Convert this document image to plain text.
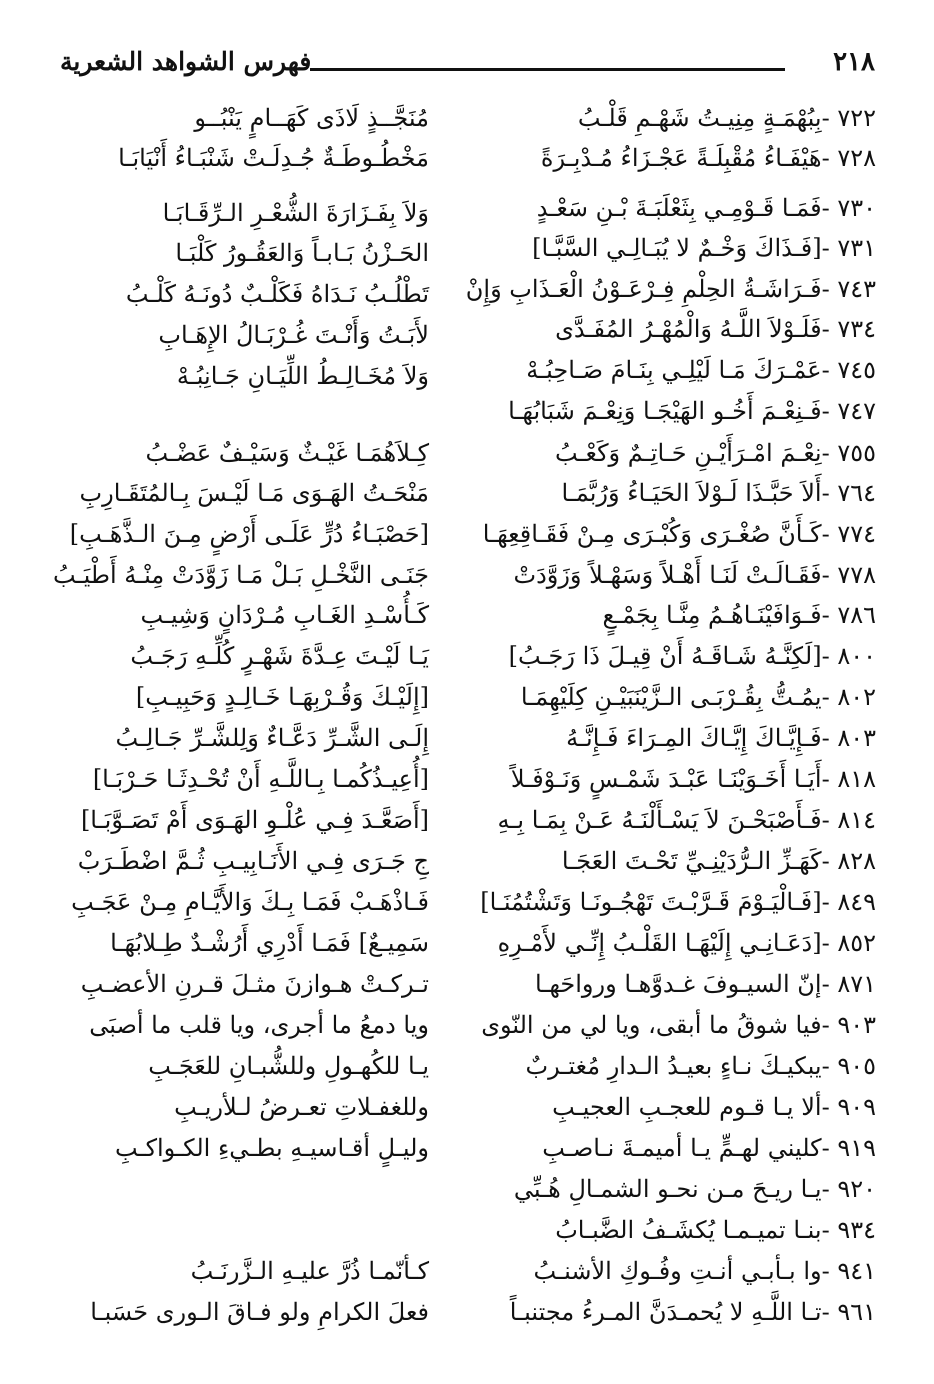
٢١٨
فهرس الشواهد الشعرية
٧٢٢ -بِبُهْمَـةٍ مِنِيـتُ شَهْـمِ قَلْـبُ
٧٢٨ -هَيْفَـاءُ مُقْبِلَـةً عَجْـزَاءُ مُـدْبِـرَةً
٧٣٠ -فَمَـا قَـوْمِـي بِثَعْلَبَـةَ بْـنِ سَعْـدٍ
٧٣١ -[فَـذَاكَ وَخْـمٌ لا يُبَـالِـي السَّبَّـا]
٧٤٣ -فَـرَاشَـةُ الحِلْمِ فِـرْعَـوْنُ الْعَـذَابِ وَإِنْ
٧٣٤ -فَلَـوْلاَ اللَّـهُ وَالْمُهْـرُ المُفَـدَّى
٧٤٥ -عَمْـرَكَ مَـا لَيْلِـي بِنَـامَ صَـاحِبُـهْ
٧٤٧ -فَـنِعْـمَ أَخُـو الهَيْجَـا وَنِعْـمَ شَبَابُهَـا
٧٥٥ -نِعْـمَ امْـرَأَيْـنِ حَـاتِـمٌ وَكَعْـبُ
٧٦٤ -أَلاَ حَبَّـذَا لَـوْلاَ الحَيَـاءُ وَرُبَّمَـا
٧٧٤ -كَـأَنَّ صُغْـرَى وَكُبْـرَى مِـنْ فَقَـاقِعِهَـا
٧٧٨ -فَقَـالَـتْ لَنَـا أَهْـلاً وَسَهْـلاً وَزَوَّدَتْ
٧٨٦ -فَـوَافَيْنَـاهُـمُ مِنَّـا بِجَمْـعٍ
٨٠٠ -[لَكِنَّـهُ شَـاقَـهُ أَنْ قِيـلَ ذَا رَجَـبُ]
٨٠٢ -يمُـتُّ بِقُـرْبَـى الـزَّيْنَبَيْـنِ كِلَيْهِمَـا
٨٠٣ -فَـإِيَّـاكَ إِيَّـاكَ المِـرَاءَ فَـإِنَّـهُ
٨١٨ -أَيَـا أَخَـوَيْنَـا عَبْـدَ شَمْـسٍ وَنَـوْفَـلاً
٨١٤ -فَـأَصْبَحْـنَ لاَ يَسْـأَلْنَـهُ عَـنْ بِمَـا بِـهِ
٨٢٨ -كَهَـزِّ الـرُّدَيْنِـيِّ تَحْـتَ العَجَـا
٨٤٩ -[فَـالْيَـوْمَ قَـرَّبْـتَ تَهْجُـونَـا وَتَشْتُمُنَـا]
٨٥٢ -[دَعَـانِـي إِلَيْهَـا القَلْـبُ إِنِّـي لأَمْـرِهِ
٨٧١ -إنّ السيـوفَ غـدوَّهـا ورواحَهـا
٩٠٣ -فيا شوقُ ما أبقى، ويا لي من النّوى
٩٠٥ -يبكيـكَ نـاءٍ بعيـدُ الـدارِ مُغتـربٌ
٩٠٩ -ألا يـا قـوم للعجـبِ العجيـبِ
٩١٩ -كليني لهـمٍّ يـا أميمـةَ نـاصـبِ
٩٢٠ -يـا ريـحَ مـن نحـو الشمـالِ هُـبِّي
٩٣٤ -بنـا تميـمـا يُكشَـفُ الضَّبـابُ
٩٤١ -وا بـأبـي أنـتِ وفُـوكِ الأشنـبُ
٩٦١ -تـا اللَّـهِ لا يُحمـدَنَّ المـرءُ مجتنبـاً
مُنَجَّــذٍ لَاذَى كَهَــامٍ يَنْبُــو
مَخْطُـوطَـةٌ جُـدِلَـتْ شَنْبَـاءُ أَنْيَابَـا
وَلاَ بِفَـزَارَةَ الشُّعْـرِ الـرِّقَـابَـا
الحَـزْنُ بَـابـاً وَالعَقُـورُ كَلْبَـا
تَطْلُـبُ نَـدَاهُ فَكَلْـبٌ دُونَـهُ كَلْـبُ
لأَبَـتُ وَأَنْـتَ غُـرْبَـالُ الإِهَـابِ
وَلاَ مُخَـالِـطُ اللِّيَـانِ جَـانِبُـهْ
كِـلاَهُمَـا غَيْـثٌ وَسَيْـفٌ عَضْـبُ
مَنْحَـتُ الهَـوَى مَـا لَيْـسَ بِـالمُتَقَـارِبِ
[حَصْبَـاءُ دُرٍّ عَلَـى أَرْضٍ مِـنَ الـذَّهَـبِ]
جَنَـى النَّخْـلِ بَـلْ مَـا زَوَّدَتْ مِنْـهُ أَطْيَـبُ
كَـأُسْـدِ الغَـابِ مُـرْدَانٍ وَشِيـبِ
يَـا لَيْـتَ عِـدَّةَ شَهْـرٍ كُلِّـهِ رَجَـبُ
[إِلَيْـكَ وَقُـرْبِهَـا خَـالِـدٍ وَحَبِيـبِ]
إِلَـى الشَّـرِّ دَعَّـاءٌ وَلِلشَّـرِّ جَـالِـبُ
[أُعِيـذُكُمـا بِـاللَّـهِ أَنْ تُحْـدِثَـا حَـرْبَـا]
[أَصَعَّـدَ فِـي عُلْـوِ الهَـوَى أَمْ تَصَـوَّبَـا]
جِ جَـرَى فِـي الأَنَـابِيـبِ ثُـمَّ اضْطَـرَبْ
فَـاذْهَـبْ فَمَـا بِـكَ وَالأَيَّـامِ مِـنْ عَجَـبِ
سَمِيـعٌ] فَمَـا أَدْرِي أَرُشْـدٌ طِـلابُهَـا
تـركـتْ هـوازنَ مثـلَ قـرنِ الأعضـبِ
ويا دمعُ ما أجرى، ويا قلب ما أصبَى
يـا للكُهـولِ وللشُّبـانِ للعَجَـبِ
وللغفـلاتِ تعـرضُ لـلأريـبِ
وليـلٍ أقـاسيـهِ بطـيءِ الكـواكـبِ
كـأنّمـا ذُرَّ عليـهِ الـزَّرنَـبُ
فعلَ الكرامِ ولو فـاقَ الـورى حَسَبـا
